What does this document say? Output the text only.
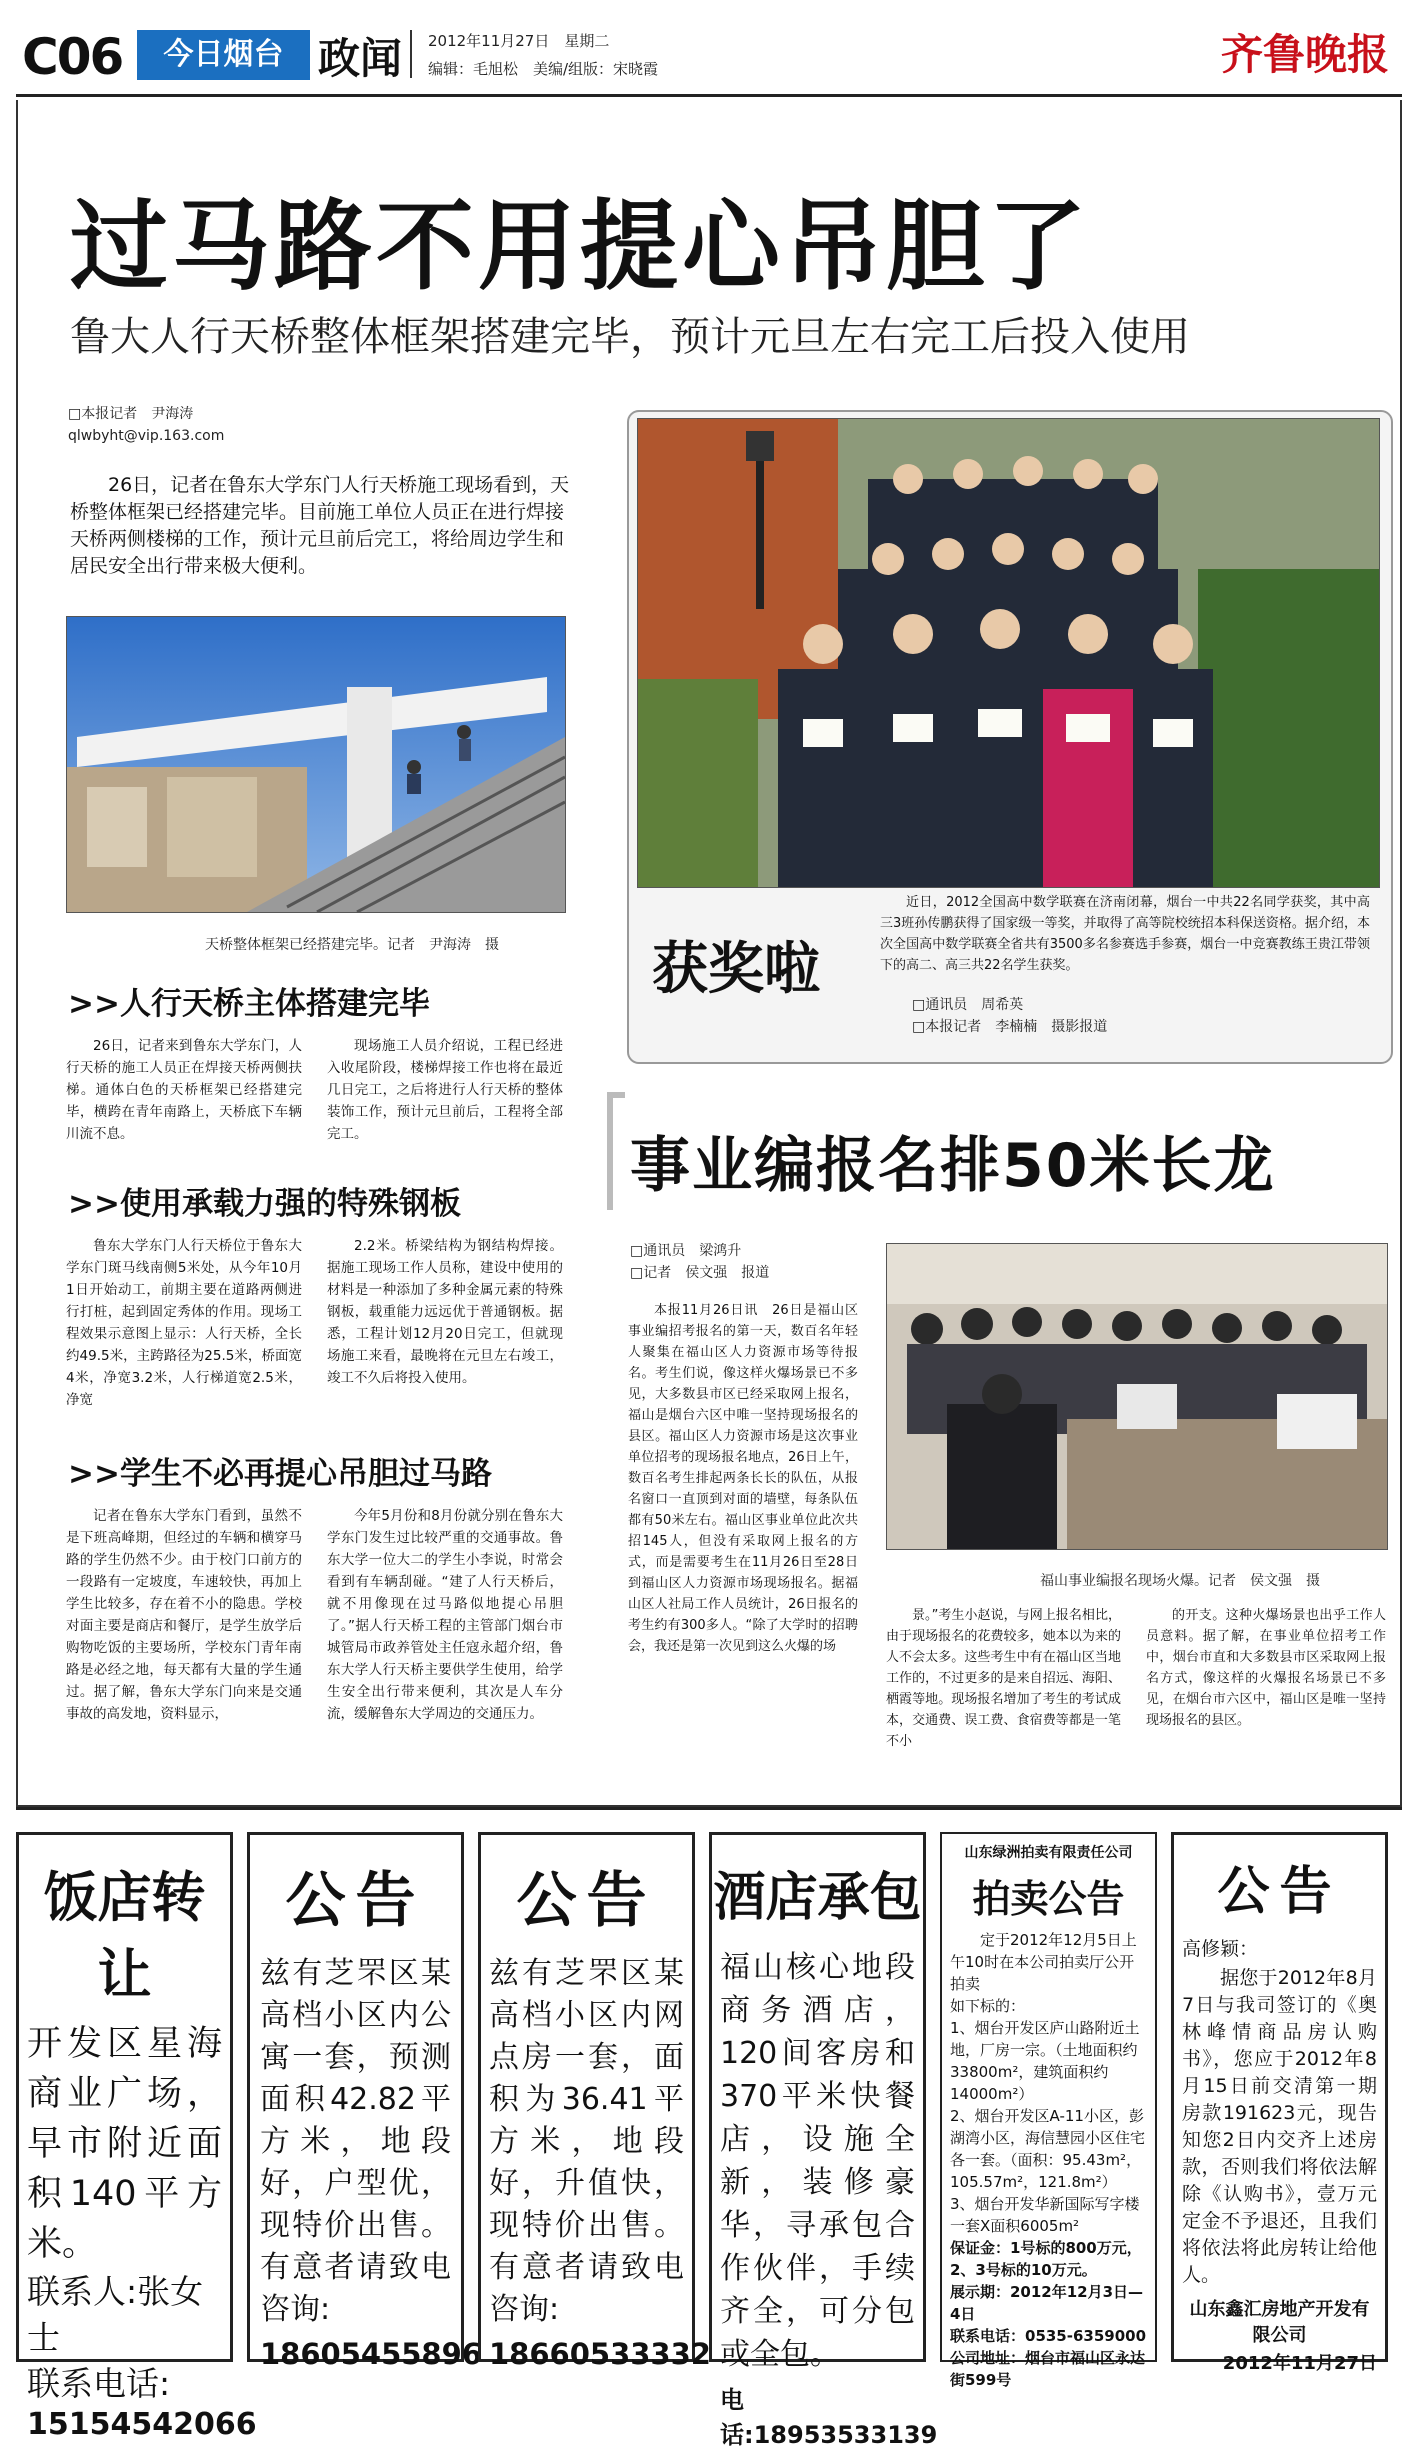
C06	今日烟台 政闻 2012年11月27日　星期二
编辑：毛旭松　美编/组版：宋晓霞	齐鲁晚报
过马路不用提心吊胆了
鲁大人行天桥整体框架搭建完毕，预计元旦左右完工后投入使用
□本报记者　尹海涛
qlwbyht@vip.163.com
26日，记者在鲁东大学东门人行天桥施工现场看到，天桥整体框架已经搭建完毕。目前施工单位人员正在进行焊接天桥两侧楼梯的工作，预计元旦前后完工，将给周边学生和居民安全出行带来极大便利。
天桥整体框架已经搭建完毕。记者　尹海涛　摄
>>人行天桥主体搭建完毕
26日，记者来到鲁东大学东门，人行天桥的施工人员正在焊接天桥两侧扶梯。通体白色的天桥框架已经搭建完毕，横跨在青年南路上，天桥底下车辆川流不息。
现场施工人员介绍说，工程已经进入收尾阶段，楼梯焊接工作也将在最近几日完工，之后将进行人行天桥的整体装饰工作，预计元旦前后，工程将全部完工。
>>使用承载力强的特殊钢板
鲁东大学东门人行天桥位于鲁东大学东门斑马线南侧5米处，从今年10月1日开始动工，前期主要在道路两侧进行打桩，起到固定秀体的作用。现场工程效果示意图上显示：人行天桥，全长约49.5米，主跨路径为25.5米，桥面宽4米，净宽3.2米，人行梯道宽2.5米，净宽
2.2米。桥梁结构为钢结构焊接。据施工现场工作人员称，建设中使用的材料是一种添加了多种金属元素的特殊钢板，载重能力远远优于普通钢板。据悉，工程计划12月20日完工，但就现场施工来看，最晚将在元旦左右竣工，竣工不久后将投入使用。
>>学生不必再提心吊胆过马路
记者在鲁东大学东门看到，虽然不是下班高峰期，但经过的车辆和横穿马路的学生仍然不少。由于校门口前方的一段路有一定坡度，车速较快，再加上学生比较多，存在着不小的隐患。学校对面主要是商店和餐厅，是学生放学后购物吃饭的主要场所，学校东门青年南路是必经之地，每天都有大量的学生通过。据了解，鲁东大学东门向来是交通事故的高发地，资料显示，
今年5月份和8月份就分别在鲁东大学东门发生过比较严重的交通事故。鲁东大学一位大二的学生小李说，时常会看到有车辆刮碰。“建了人行天桥后，就不用像现在过马路似地提心吊胆了。”据人行天桥工程的主管部门烟台市城管局市政养管处主任寇永超介绍，鲁东大学人行天桥主要供学生使用，给学生安全出行带来便利，其次是人车分流，缓解鲁东大学周边的交通压力。
获奖啦
近日，2012全国高中数学联赛在济南闭幕，烟台一中共22名同学获奖，其中高三3班孙传鹏获得了国家级一等奖，并取得了高等院校统招本科保送资格。据介绍，本次全国高中数学联赛全省共有3500多名参赛选手参赛，烟台一中竞赛教练王贵江带领下的高二、高三共22名学生获奖。
□通讯员　周希英
□本报记者　李楠楠　摄影报道
事业编报名排50米长龙
□通讯员　梁鸿升
□记者　侯文强　报道
本报11月26日讯　26日是福山区事业编招考报名的第一天，数百名年轻人聚集在福山区人力资源市场等待报名。考生们说，像这样火爆场景已不多见，大多数县市区已经采取网上报名，福山是烟台六区中唯一坚持现场报名的县区。福山区人力资源市场是这次事业单位招考的现场报名地点，26日上午，数百名考生排起两条长长的队伍，从报名窗口一直顶到对面的墙壁，每条队伍都有50米左右。福山区事业单位此次共招145人，但没有采取网上报名的方式，而是需要考生在11月26日至28日到福山区人力资源市场现场报名。据福山区人社局工作人员统计，26日报名的考生约有300多人。“除了大学时的招聘会，我还是第一次见到这么火爆的场
福山事业编报名现场火爆。记者　侯文强　摄
景。”考生小赵说，与网上报名相比，由于现场报名的花费较多，她本以为来的人不会太多。这些考生中有在福山区当地工作的，不过更多的是来自招远、海阳、栖霞等地。现场报名增加了考生的考试成本，交通费、误工费、食宿费等都是一笔不小
的开支。这种火爆场景也出乎工作人员意料。据了解，在事业单位招考工作中，烟台市直和大多数县市区采取网上报名方式，像这样的火爆报名场景已不多见，在烟台市六区中，福山区是唯一坚持现场报名的县区。
饭店转让
开发区星海商业广场，早市附近面积140平方米。
联系人:张女士
联系电话:
15154542066
公告
兹有芝罘区某高档小区内公寓一套，预测面积42.82平方米，地段好，户型优，现特价出售。有意者请致电咨询:
18605455896
公告
兹有芝罘区某高档小区内网点房一套，面积为36.41平方米，地段好，升值快，现特价出售。有意者请致电咨询:
18660533332
酒店承包
福山核心地段商务酒店，120间客房和370平米快餐店，设施全新，装修豪华，寻承包合作伙伴，手续齐全，可分包或全包。
电话:18953533139
山东绿洲拍卖有限责任公司
拍卖公告
定于2012年12月5日上午10时在本公司拍卖厅公开拍卖
如下标的：
1、烟台开发区庐山路附近土地，厂房一宗。（土地面积约33800m²，建筑面积约14000m²）
2、烟台开发区A-11小区，彭湖湾小区，海信慧园小区住宅各一套。（面积：95.43m²，105.57m²，121.8m²）
3、烟台开发华新国际写字楼一套X面积6005m²
保证金：1号标的800万元，2、3号标的10万元。
展示期：2012年12月3日—4日
联系电话：0535-6359000
公司地址：烟台市福山区永达街599号
公告
高修颖：
据您于2012年8月7日与我司签订的《奥林峰情商品房认购书》，您应于2012年8月15日前交清第一期房款191623元，现告知您2日内交齐上述房款，否则我们将依法解除《认购书》，壹万元定金不予退还，且我们将依法将此房转让给他人。
山东鑫汇房地产开发有限公司
2012年11月27日
